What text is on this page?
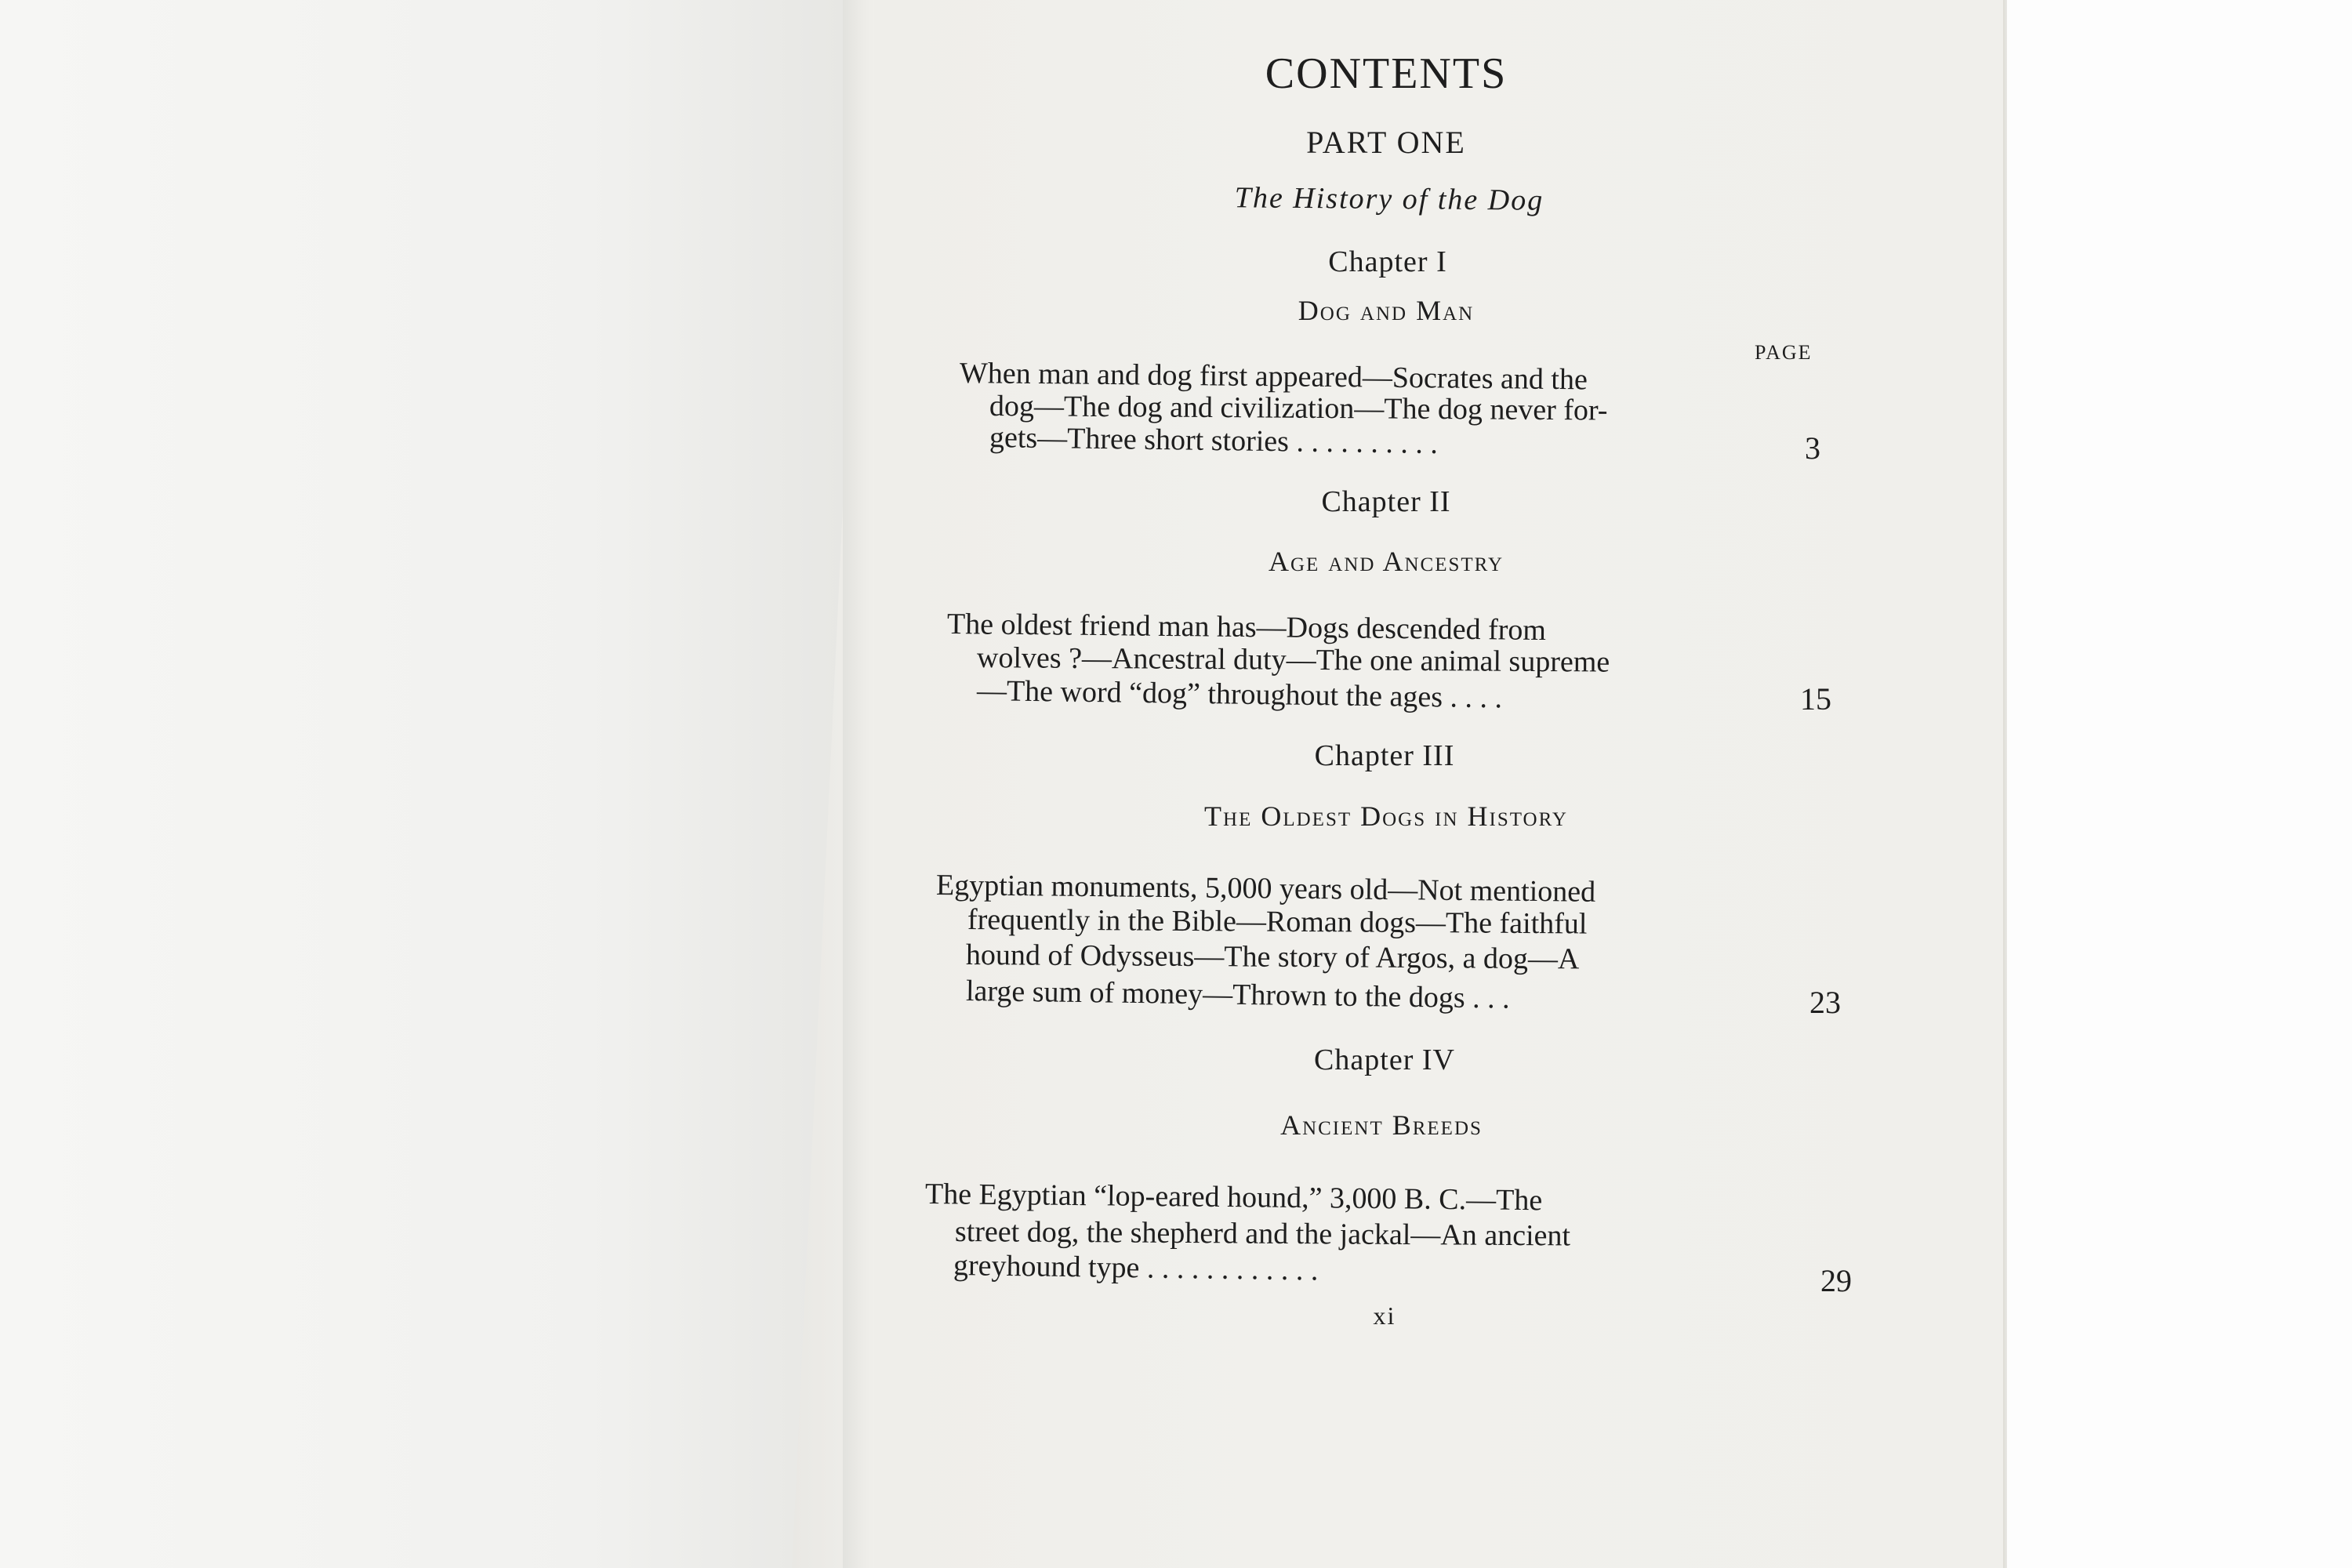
CONTENTS
PART ONE
The History of the Dog
Chapter I
Dog and Man
PAGE
When man and dog first appeared—Socrates and the
dog—The dog and civilization—The dog never for-
gets—Three short stories . . . . . . . . . .	3
Chapter II
Age and Ancestry
The oldest friend man has—Dogs descended from
wolves ?—Ancestral duty—The one animal supreme
—The word “dog” throughout the ages . . . .	15
Chapter III
The Oldest Dogs in History
Egyptian monuments, 5,000 years old—Not mentioned
frequently in the Bible—Roman dogs—The faithful
hound of Odysseus—The story of Argos, a dog—A
large sum of money—Thrown to the dogs . . .	23
Chapter IV
Ancient Breeds
The Egyptian “lop-eared hound,” 3,000 B. C.—The
street dog, the shepherd and the jackal—An ancient
greyhound type . . . . . . . . . . . .	29
xi
